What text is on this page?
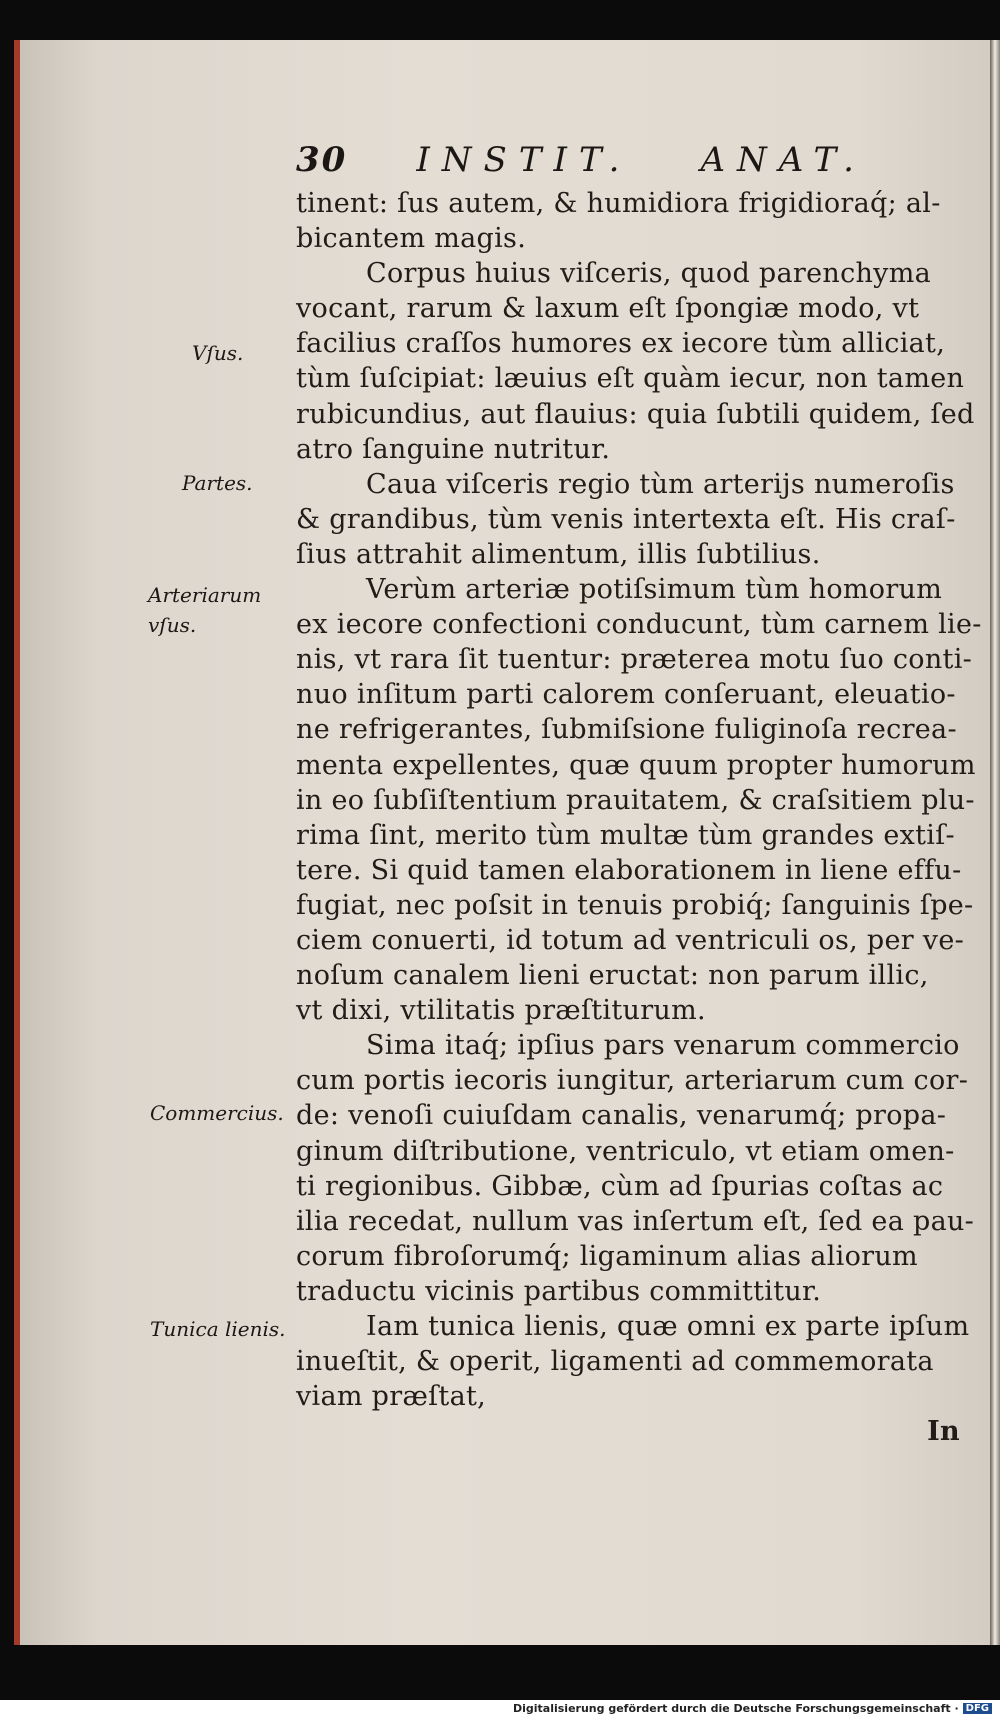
30 INSTIT. ANAT.
tinent: ſus autem, & humidiora frigidioraq́; al‑
bicantem magis.
Corpus huius viſceris, quod parenchyma
vocant, rarum & laxum eſt ſpongiæ modo, vt
facilius craſſos humores ex iecore tùm alliciat,
tùm ſuſcipiat: læuius eſt quàm iecur, non tamen
rubicundius, aut flauius: quia ſubtili quidem, ſed
atro ſanguine nutritur.
Caua viſceris regio tùm arterijs numeroſis
& grandibus, tùm venis intertexta eſt. His craſ‑
ſius attrahit alimentum, illis ſubtilius.
Verùm arteriæ potiſsimum tùm homorum
ex iecore confectioni conducunt, tùm carnem lie‑
nis, vt rara ſit tuentur: præterea motu ſuo conti‑
nuo inſitum parti calorem conſeruant, eleuatio‑
ne refrigerantes, ſubmiſsione fuliginoſa recrea‑
menta expellentes, quæ quum propter humorum
in eo ſubſiſtentium prauitatem, & craſsitiem plu‑
rima ſint, merito tùm multæ tùm grandes extiſ‑
tere. Si quid tamen elaborationem in liene effu‑
fugiat, nec poſsit in tenuis probiq́; ſanguinis ſpe‑
ciem conuerti, id totum ad ventriculi os, per ve‑
noſum canalem lieni eructat: non parum illic,
vt dixi, vtilitatis præſtiturum.
Sima itaq́; ipſius pars venarum commercio
cum portis iecoris iungitur, arteriarum cum cor‑
de: venoſi cuiuſdam canalis, venarumq́; propa‑
ginum diſtributione, ventriculo, vt etiam omen‑
ti regionibus. Gibbæ, cùm ad ſpurias coſtas ac
ilia recedat, nullum vas inſertum eſt, ſed ea pau‑
corum fibroſorumq́; ligaminum alias aliorum
traductu vicinis partibus committitur.
Iam tunica lienis, quæ omni ex parte ipſum
inueſtit, & operit, ligamenti ad commemorata
viam præſtat,
In
Vſus.
Partes.
Arteriarum
vſus.
Commercius.
Tunica lienis.
Digitalisierung gefördert durch die Deutsche Forschungsgemeinschaft · DFG
